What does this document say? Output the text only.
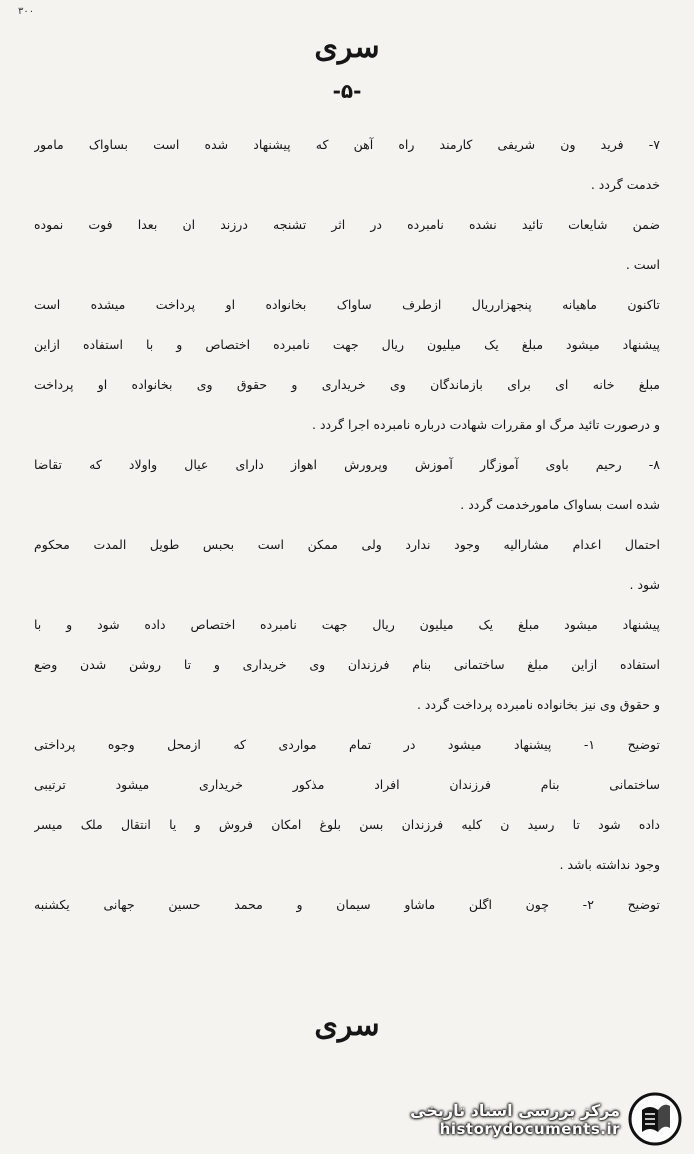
۳۰۰
سری
-۵-
۷- فرید ون شریفی کارمند راه آهن که پیشنهاد شده است بساواک مامور
خدمت گردد .
ضمن شایعات تائید نشده نامبرده در اثر تشنجه درزند ان بعدا فوت نموده
است .
تاکنون ماهیانه پنجهزارریال ازطرف ساواک بخانواده او پرداخت میشده است
پیشنهاد میشود مبلغ یک میلیون ریال جهت نامبرده اختصاص و با استفاده ازاین
مبلغ خانه ای برای بازماندگان وی خریداری و حقوق وی بخانواده او پرداخت
و درصورت تائید مرگ او مقررات شهادت درباره نامبرده اجرا گردد .
۸- رحیم باوی آموزگار آموزش وپرورش اهواز دارای عیال واولاد که تقاضا
شده است بساواک مامورخدمت گردد .
احتمال اعدام مشارالیه وجود ندارد ولی ممکن است بحبس طویل المدت محکوم
شود .
پیشنهاد میشود مبلغ یک میلیون ریال جهت نامبرده اختصاص داده شود و با
استفاده ازاین مبلغ ساختمانی بنام فرزندان وی خریداری و تا روشن شدن وضع
و حقوق وی نیز بخانواده نامبرده پرداخت گردد .
توضیح ۱- پیشنهاد میشود در تمام مواردی که ازمحل وجوه پرداختی
ساختمانی بنام فرزندان افراد مذکور خریداری میشود ترتیبی
داده شود تا رسید ن کلیه فرزندان بسن بلوغ امکان فروش و یا انتقال ملک میسر
وجود نداشته باشد .
توضیح ۲- چون اگلن ماشاو سیمان و محمد حسین جهانی یکشنبه
سری
مرکز بررسی اسناد تاریخی
historydocuments.ir
